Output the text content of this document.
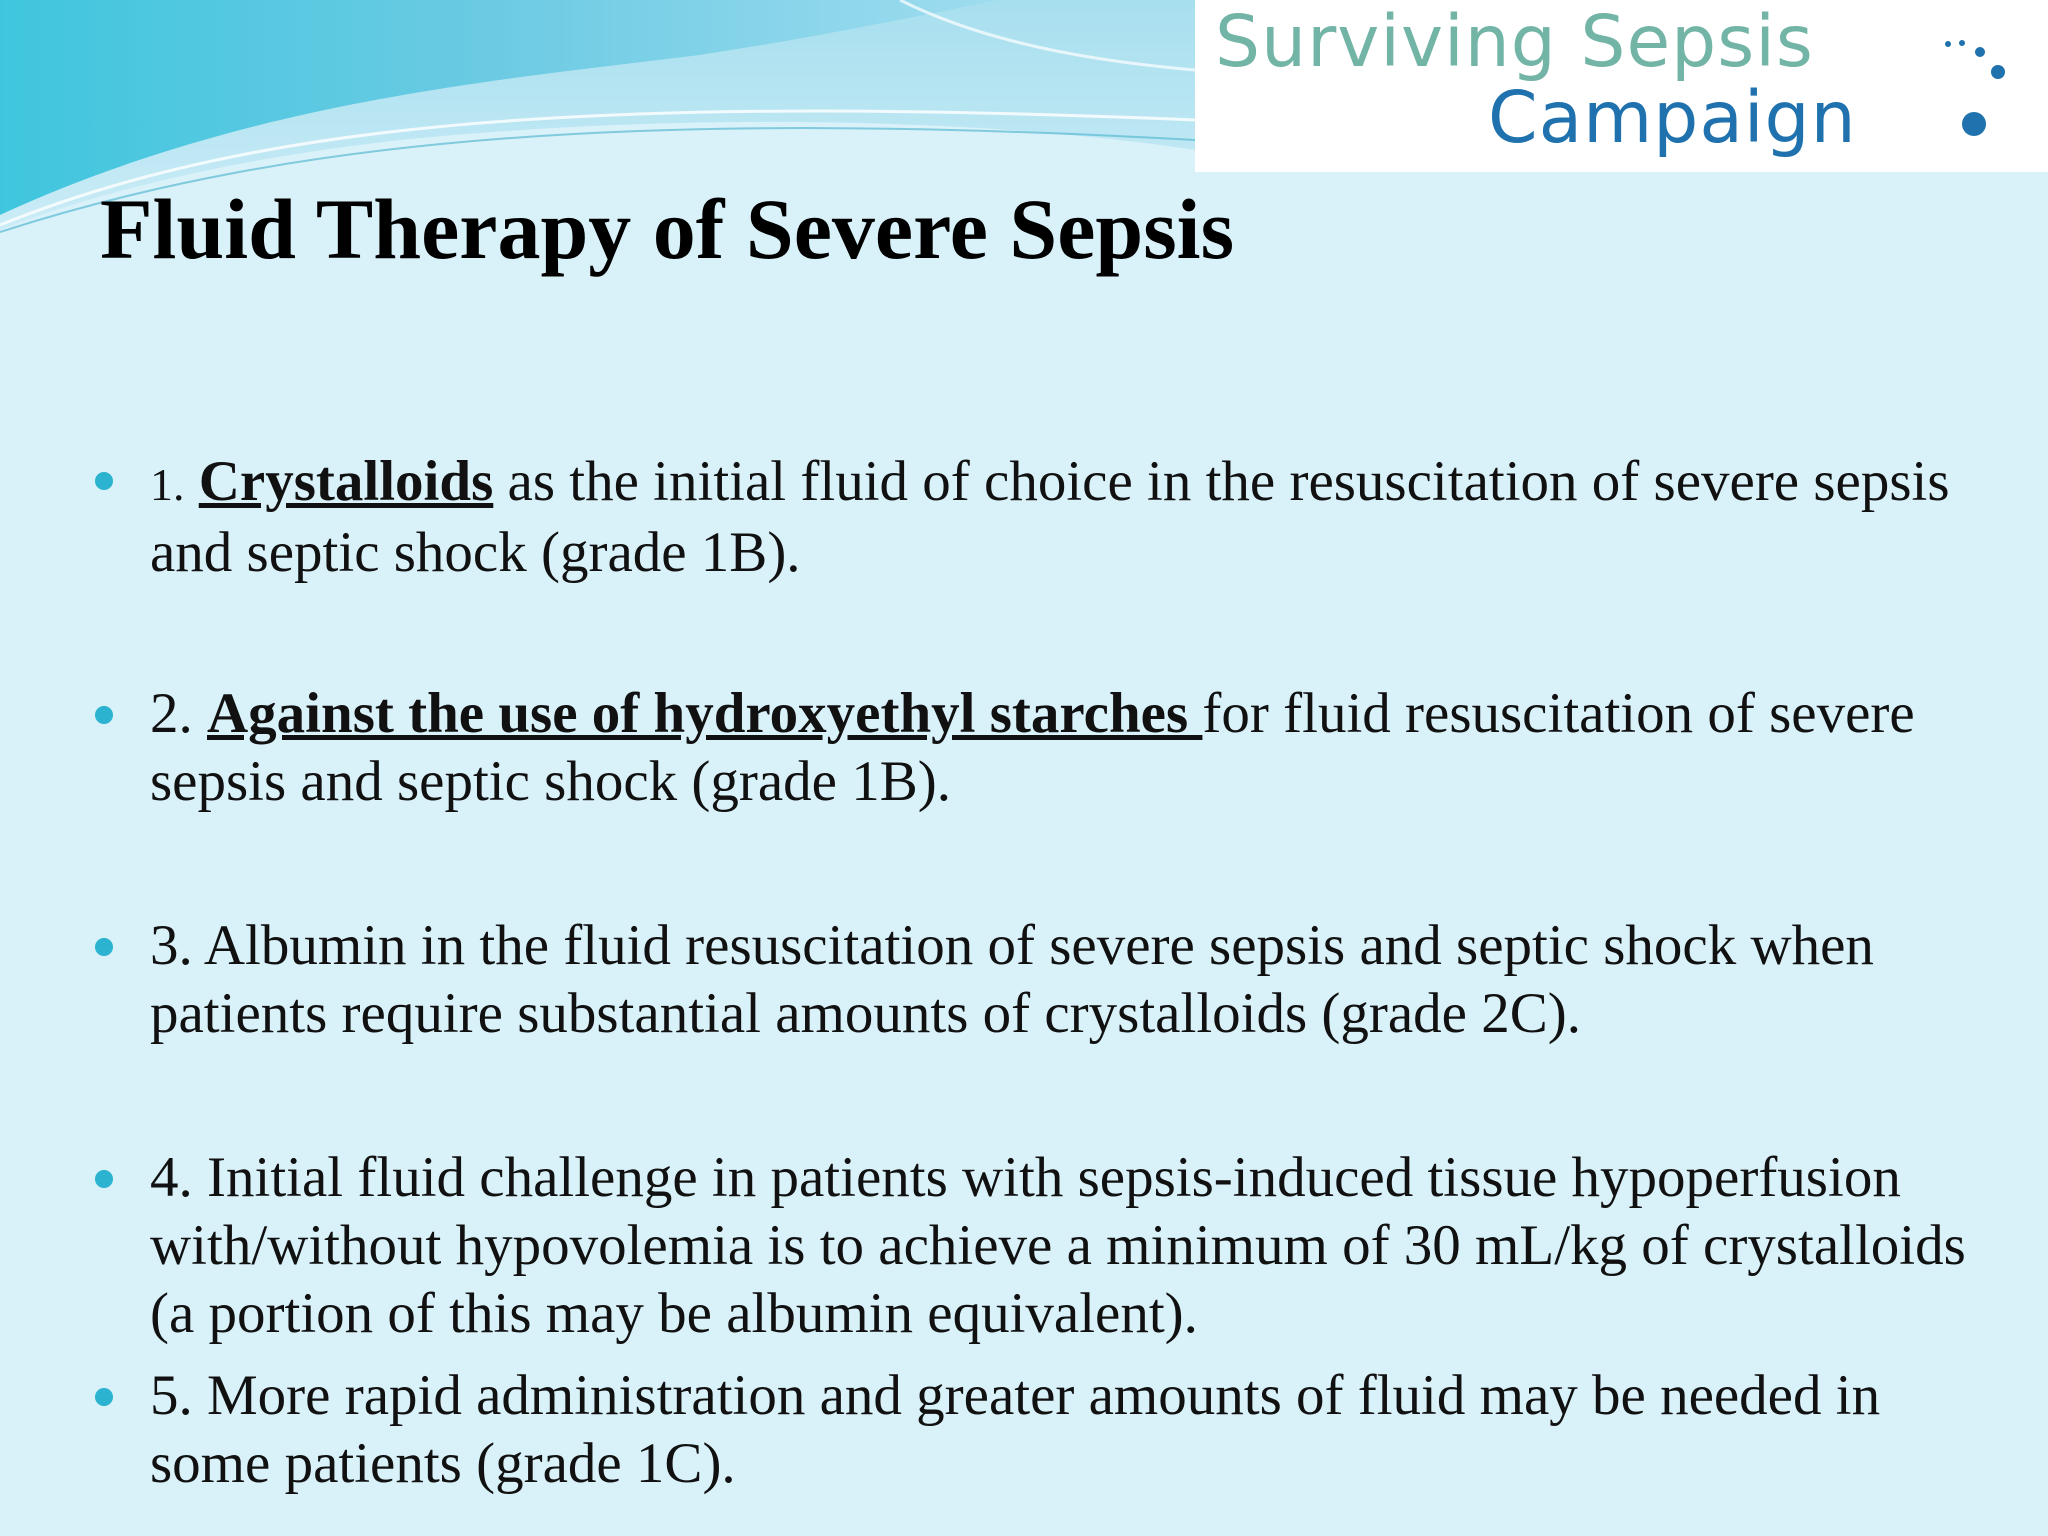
Surviving Sepsis
Campaign
Fluid Therapy of Severe Sepsis
1. Crystalloids as the initial fluid of choice in the resuscitation of severe sepsis and septic shock (grade 1B).
2. Against the use of hydroxyethyl starches for fluid resuscitation of severe sepsis and septic shock (grade 1B).
3. Albumin in the fluid resuscitation of severe sepsis and septic shock when patients require substantial amounts of crystalloids (grade 2C).
4. Initial fluid challenge in patients with sepsis-induced tissue hypoperfusion with/without hypovolemia is to achieve a minimum of 30 mL/kg of crystalloids (a portion of this may be albumin equivalent).
5. More rapid administration and greater amounts of fluid may be needed in some patients (grade 1C).
